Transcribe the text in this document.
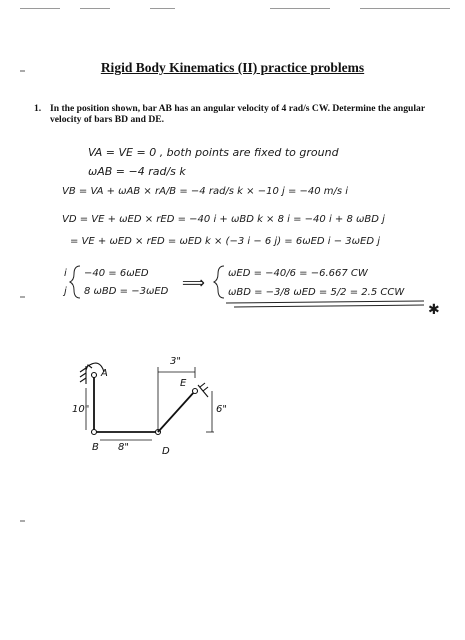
Rigid Body Kinematics (II) practice problems
1. In the position shown, bar AB has an angular velocity of 4 rad/s CW. Determine the angular velocity of bars BD and DE.
VA = VE = 0 , both points are fixed to ground
ωAB = −4 rad/s k
VB = VA + ωAB × rA/B = −4 rad/s k × −10 j = −40 m/s i
VD = VE + ωED × rED = −40 i + ωBD k × 8 i = −40 i + 8 ωBD j
= VE + ωED × rED = ωED k × (−3 i − 6 j) = 6ωED i − 3ωED j
i −40 = 6ωED
j 8 ωBD = −3ωED ⟹ ωED = −40/6 = −6.667 CW
ωBD = −3/8 ωED = 5/2 = 2.5 CCW
✱
A
B	D
E
3"
8"
10"	6"
